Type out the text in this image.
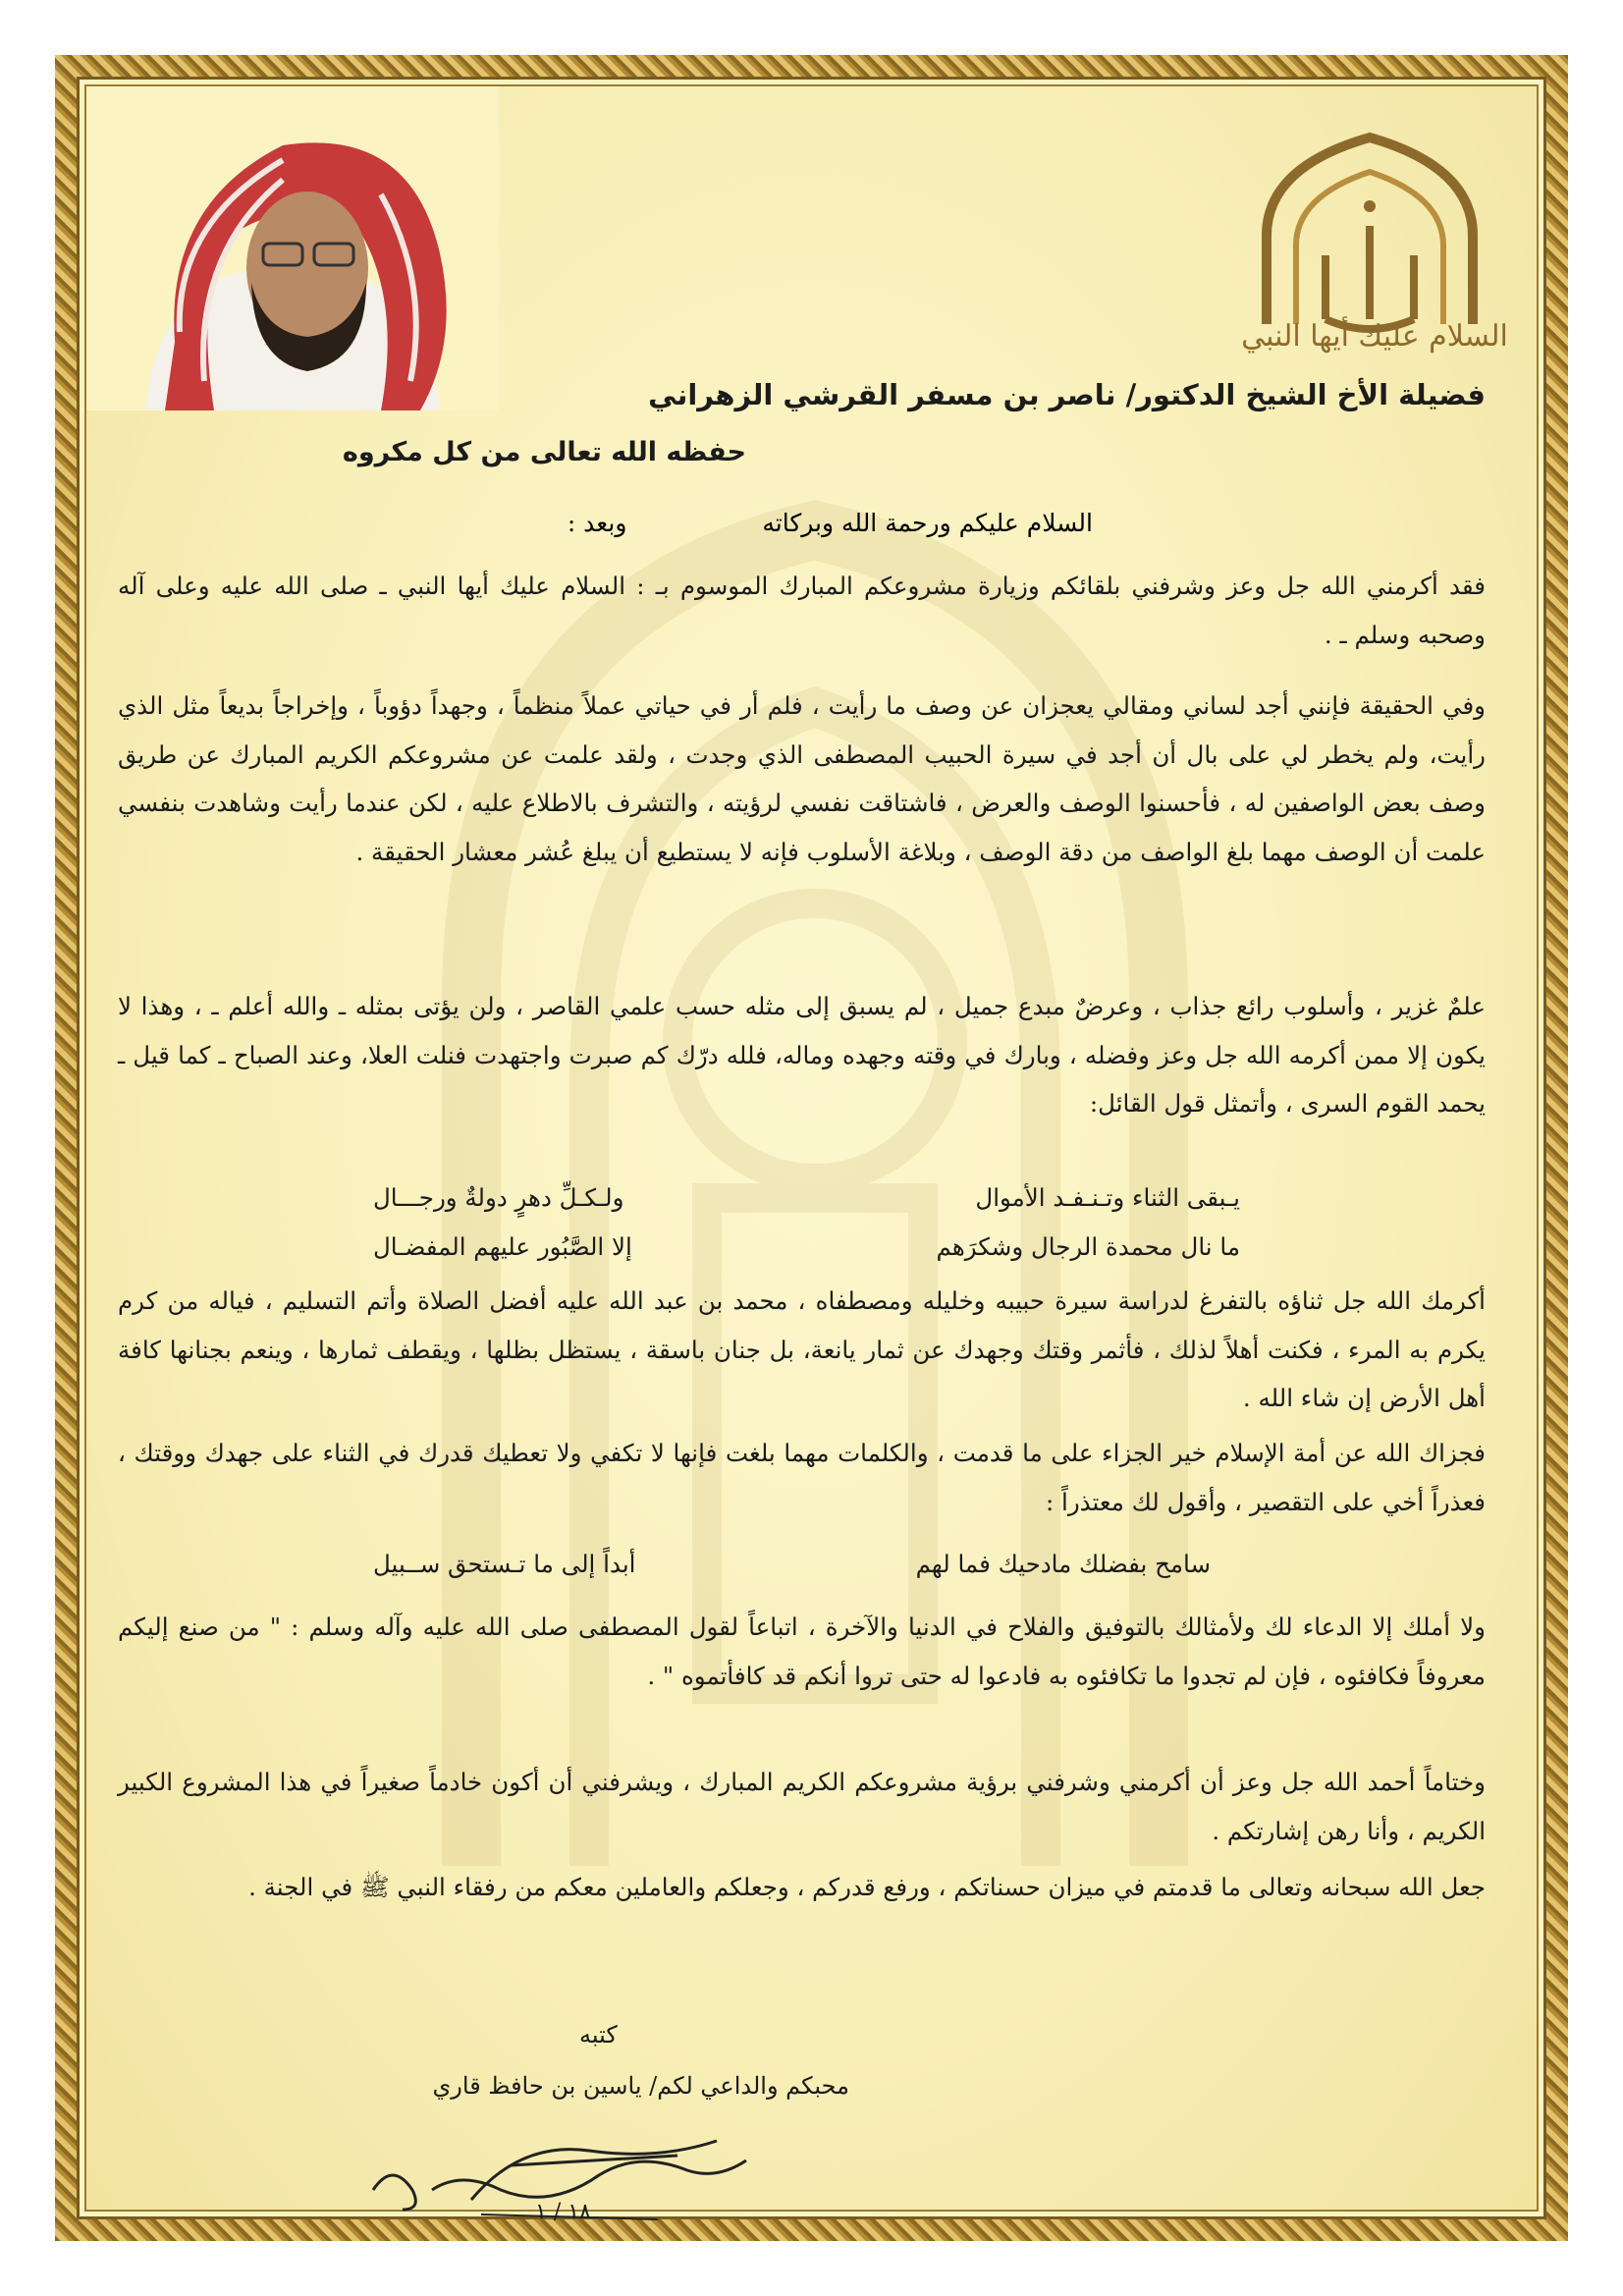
السلام عليك أيها النبي
فضيلة الأخ الشيخ الدكتور/ ناصر بن مسفر القرشي الزهراني
حفظه الله تعالى من كل مكروه
السلام عليكم ورحمة الله وبركاته وبعد :
فقد أكرمني الله جل وعز وشرفني بلقائكم وزيارة مشروعكم المبارك الموسوم بـ : السلام عليك أيها النبي ـ صلى الله عليه وعلى آله وصحبه وسلم ـ .
وفي الحقيقة فإنني أجد لساني ومقالي يعجزان عن وصف ما رأيت ، فلم أر في حياتي عملاً منظماً ، وجهداً دؤوباً ، وإخراجاً بديعاً مثل الذي رأيت، ولم يخطر لي على بال أن أجد في سيرة الحبيب المصطفى الذي وجدت ، ولقد علمت عن مشروعكم الكريم المبارك عن طريق وصف بعض الواصفين له ، فأحسنوا الوصف والعرض ، فاشتاقت نفسي لرؤيته ، والتشرف بالاطلاع عليه ، لكن عندما رأيت وشاهدت بنفسي علمت أن الوصف مهما بلغ الواصف من دقة الوصف ، وبلاغة الأسلوب فإنه لا يستطيع أن يبلغ عُشر معشار الحقيقة .
علمٌ غزير ، وأسلوب رائع جذاب ، وعرضٌ مبدع جميل ، لم يسبق إلى مثله حسب علمي القاصر ، ولن يؤتى بمثله ـ والله أعلم ـ ، وهذا لا يكون إلا ممن أكرمه الله جل وعز وفضله ، وبارك في وقته وجهده وماله، فلله درّك كم صبرت واجتهدت فنلت العلا، وعند الصباح ـ كما قيل ـ يحمد القوم السرى ، وأتمثل قول القائل:
يـبقى الثناء وتـنـفـد الأموال
ولـكـلِّ دهرٍ دولةٌ ورجـــال
ما نال محمدة الرجال وشكرَهم
إلا الصَّبُور عليهم المفضـال
أكرمك الله جل ثناؤه بالتفرغ لدراسة سيرة حبيبه وخليله ومصطفاه ، محمد بن عبد الله عليه أفضل الصلاة وأتم التسليم ، فياله من كرم يكرم به المرء ، فكنت أهلاً لذلك ، فأثمر وقتك وجهدك عن ثمار يانعة، بل جنان باسقة ، يستظل بظلها ، ويقطف ثمارها ، وينعم بجنانها كافة أهل الأرض إن شاء الله .
فجزاك الله عن أمة الإسلام خير الجزاء على ما قدمت ، والكلمات مهما بلغت فإنها لا تكفي ولا تعطيك قدرك في الثناء على جهدك ووقتك ، فعذراً أخي على التقصير ، وأقول لك معتذراً :
سامح بفضلك مادحيك فما لهم
أبداً إلى ما تـستحق ســبيل
ولا أملك إلا الدعاء لك ولأمثالك بالتوفيق والفلاح في الدنيا والآخرة ، اتباعاً لقول المصطفى صلى الله عليه وآله وسلم : " من صنع إليكم معروفاً فكافئوه ، فإن لم تجدوا ما تكافئوه به فادعوا له حتى تروا أنكم قد كافأتموه " .
وختاماً أحمد الله جل وعز أن أكرمني وشرفني برؤية مشروعكم الكريم المبارك ، ويشرفني أن أكون خادماً صغيراً في هذا المشروع الكبير الكريم ، وأنا رهن إشارتكم .
جعل الله سبحانه وتعالى ما قدمتم في ميزان حسناتكم ، ورفع قدركم ، وجعلكم والعاملين معكم من رفقاء النبي ﷺ في الجنة .
كتبه
محبكم والداعي لكم/ ياسين بن حافظ قاري
١٨ / ١
